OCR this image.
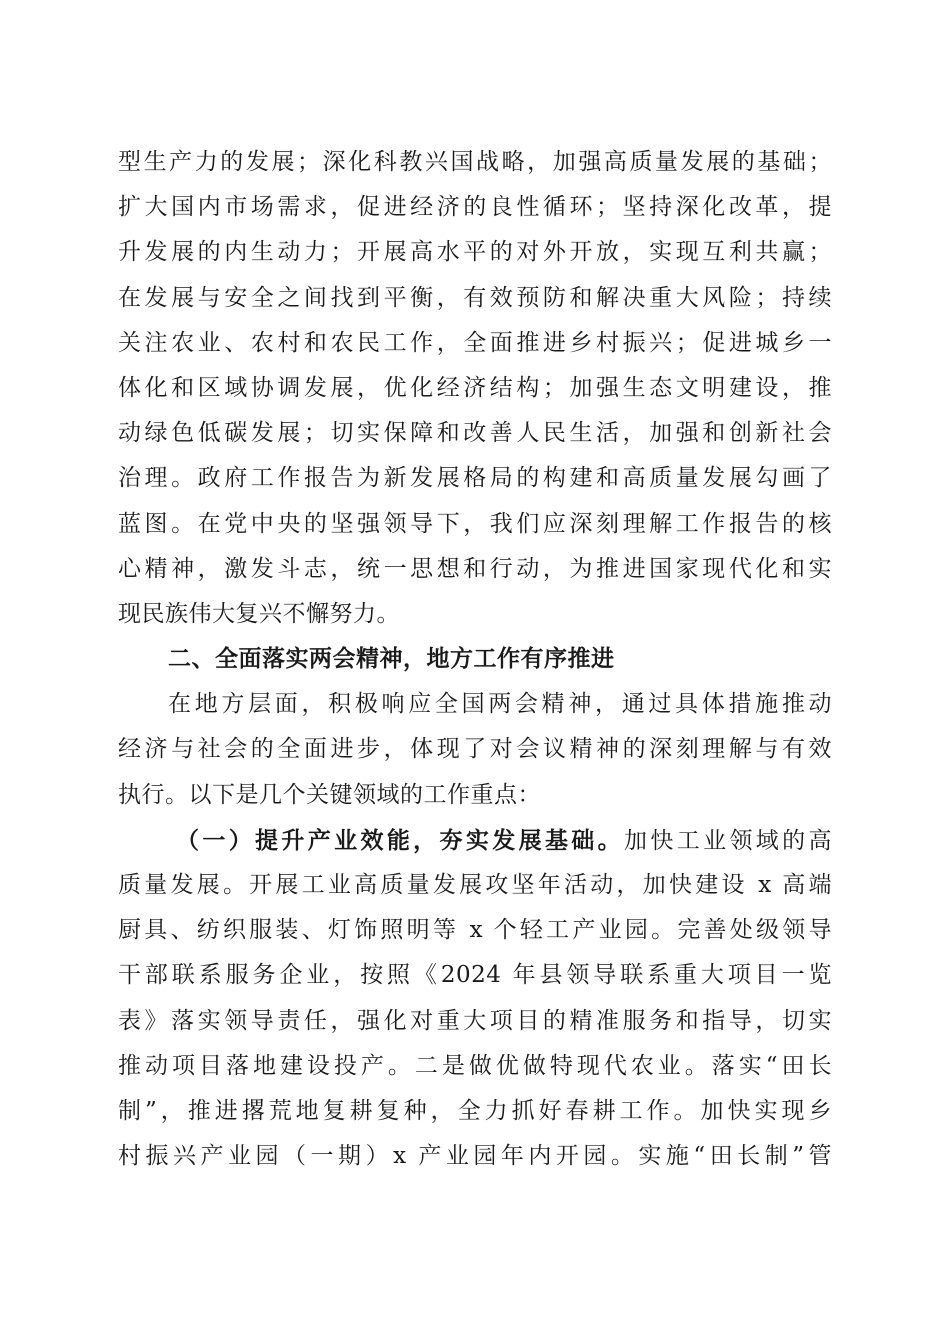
型生产力的发展；深化科教兴国战略，加强高质量发展的基础；
扩大国内市场需求，促进经济的良性循环；坚持深化改革，提
升发展的内生动力；开展高水平的对外开放，实现互利共赢；
在发展与安全之间找到平衡，有效预防和解决重大风险；持续
关注农业、农村和农民工作，全面推进乡村振兴；促进城乡一
体化和区域协调发展，优化经济结构；加强生态文明建设，推
动绿色低碳发展；切实保障和改善人民生活，加强和创新社会
治理。政府工作报告为新发展格局的构建和高质量发展勾画了
蓝图。在党中央的坚强领导下，我们应深刻理解工作报告的核
心精神，激发斗志，统一思想和行动，为推进国家现代化和实
现民族伟大复兴不懈努力。
二、全面落实两会精神，地方工作有序推进
在地方层面，积极响应全国两会精神，通过具体措施推动
经济与社会的全面进步，体现了对会议精神的深刻理解与有效
执行。以下是几个关键领域的工作重点：
（一）提升产业效能，夯实发展基础。加快工业领域的高
质量发展。开展工业高质量发展攻坚年活动，加快建设 x 高端
厨具、纺织服装、灯饰照明等 x 个轻工产业园。完善处级领导
干部联系服务企业，按照《2024 年县领导联系重大项目一览
表》落实领导责任，强化对重大项目的精准服务和指导，切实
推动项目落地建设投产。二是做优做特现代农业。落实“田长
制”，推进撂荒地复耕复种，全力抓好春耕工作。加快实现乡
村振兴产业园（一期）x 产业园年内开园。实施“田长制”管
